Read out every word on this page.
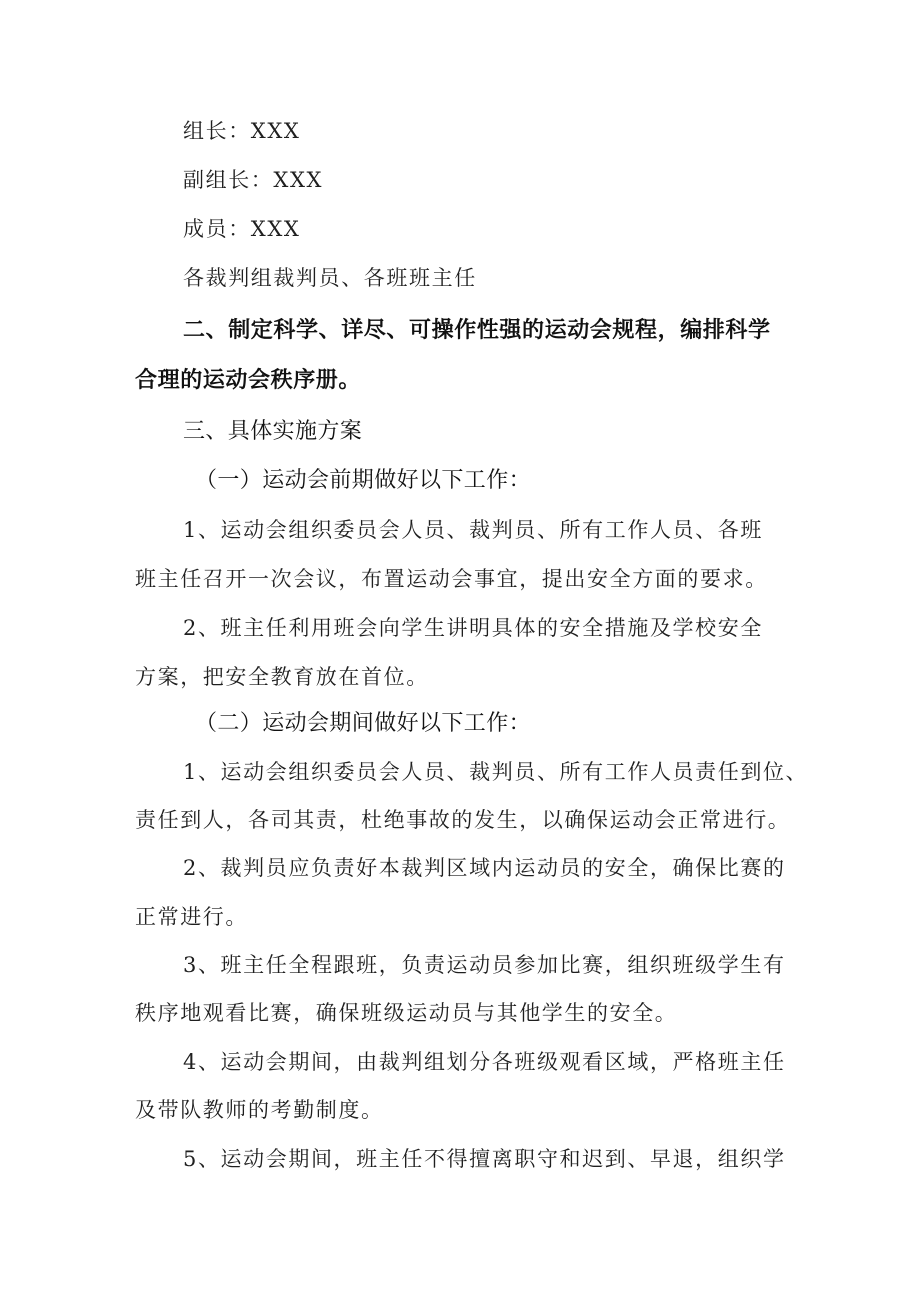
组长：XXX
副组长：XXX
成员：XXX
各裁判组裁判员、各班班主任
二、制定科学、详尽、可操作性强的运动会规程，编排科学
合理的运动会秩序册。
三、具体实施方案
（一）运动会前期做好以下工作：
1、运动会组织委员会人员、裁判员、所有工作人员、各班
班主任召开一次会议，布置运动会事宜，提出安全方面的要求。
2、班主任利用班会向学生讲明具体的安全措施及学校安全
方案，把安全教育放在首位。
（二）运动会期间做好以下工作：
1、运动会组织委员会人员、裁判员、所有工作人员责任到位、
责任到人，各司其责，杜绝事故的发生，以确保运动会正常进行。
2、裁判员应负责好本裁判区域内运动员的安全，确保比赛的
正常进行。
3、班主任全程跟班，负责运动员参加比赛，组织班级学生有
秩序地观看比赛，确保班级运动员与其他学生的安全。
4、运动会期间，由裁判组划分各班级观看区域，严格班主任
及带队教师的考勤制度。
5、运动会期间，班主任不得擅离职守和迟到、早退，组织学
